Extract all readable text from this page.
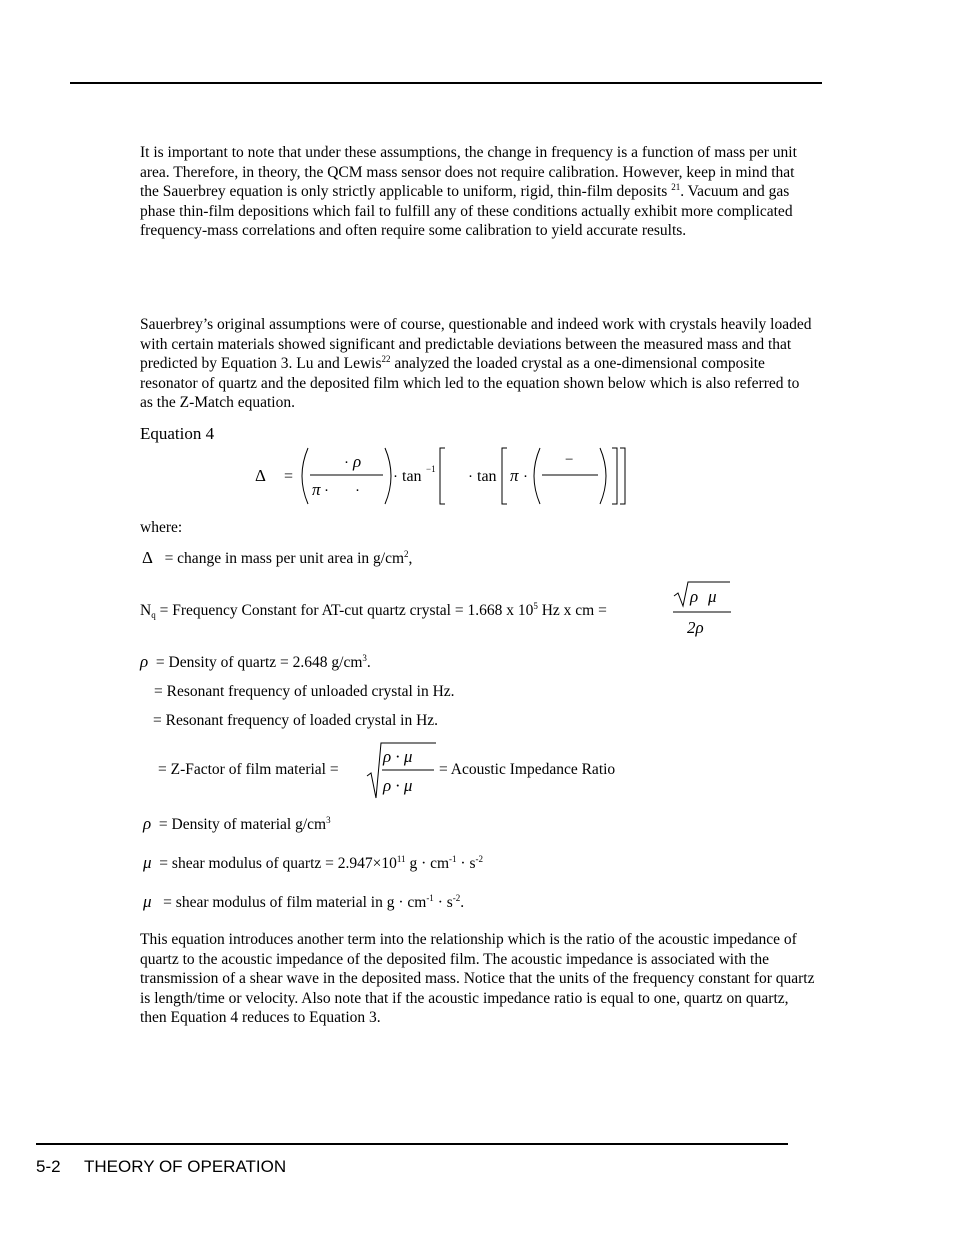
It is important to note that under these assumptions, the change in frequency is a function of mass per unit area. Therefore, in theory, the QCM mass sensor does not require calibration. However, keep in mind that the Sauerbrey equation is only strictly applicable to uniform, rigid, thin-film deposits $^{21}$. Vacuum and gas phase thin-film depositions which fail to fulfill any of these conditions actually exhibit more complicated frequency-mass correlations and often require some calibration to yield accurate results.

Sauerbrey’s original assumptions were of course, questionable and indeed work with crystals heavily loaded with certain materials showed significant and predictable deviations between the measured mass and that predicted by Equation 3. Lu and Lewis$^{22}$ analyzed the loaded crystal as a one-dimensional composite resonator of quartz and the deposited film which led to the equation shown below which is also referred to as the Z-Match equation.

Equation 4
Δ =
· ρ
π · ·
· tan −1 · tan π ·
−
where:
Δ = change in mass per unit area in $g/cm^2$,
$N_q$ = Frequency Constant for AT-cut quartz crystal = 1.668 x $10^5$ Hz x cm =
ρ μ
2ρ
ρ = Density of quartz = 2.648 $g/cm^3$.
= Resonant frequency of unloaded crystal in Hz.
= Resonant frequency of loaded crystal in Hz.
= Z-Factor of film material =
ρ · μ
ρ · μ
= Acoustic Impedance Ratio
ρ = Density of material $g/cm^3$
μ = shear modulus of quartz = $2.947\times 10^{11}$ $g \cdot cm^{-1} \cdot s^{-2}$
μ = shear modulus of film material in $g \cdot cm^{-1} \cdot s^{-2}$.

This equation introduces another term into the relationship which is the ratio of the acoustic impedance of quartz to the acoustic impedance of the deposited film. The acoustic impedance is associated with the transmission of a shear wave in the deposited mass. Notice that the units of the frequency constant for quartz is length/time or velocity. Also note that if the acoustic impedance ratio is equal to one, quartz on quartz, then Equation 4 reduces to Equation 3.

5-2 THEORY OF OPERATION
